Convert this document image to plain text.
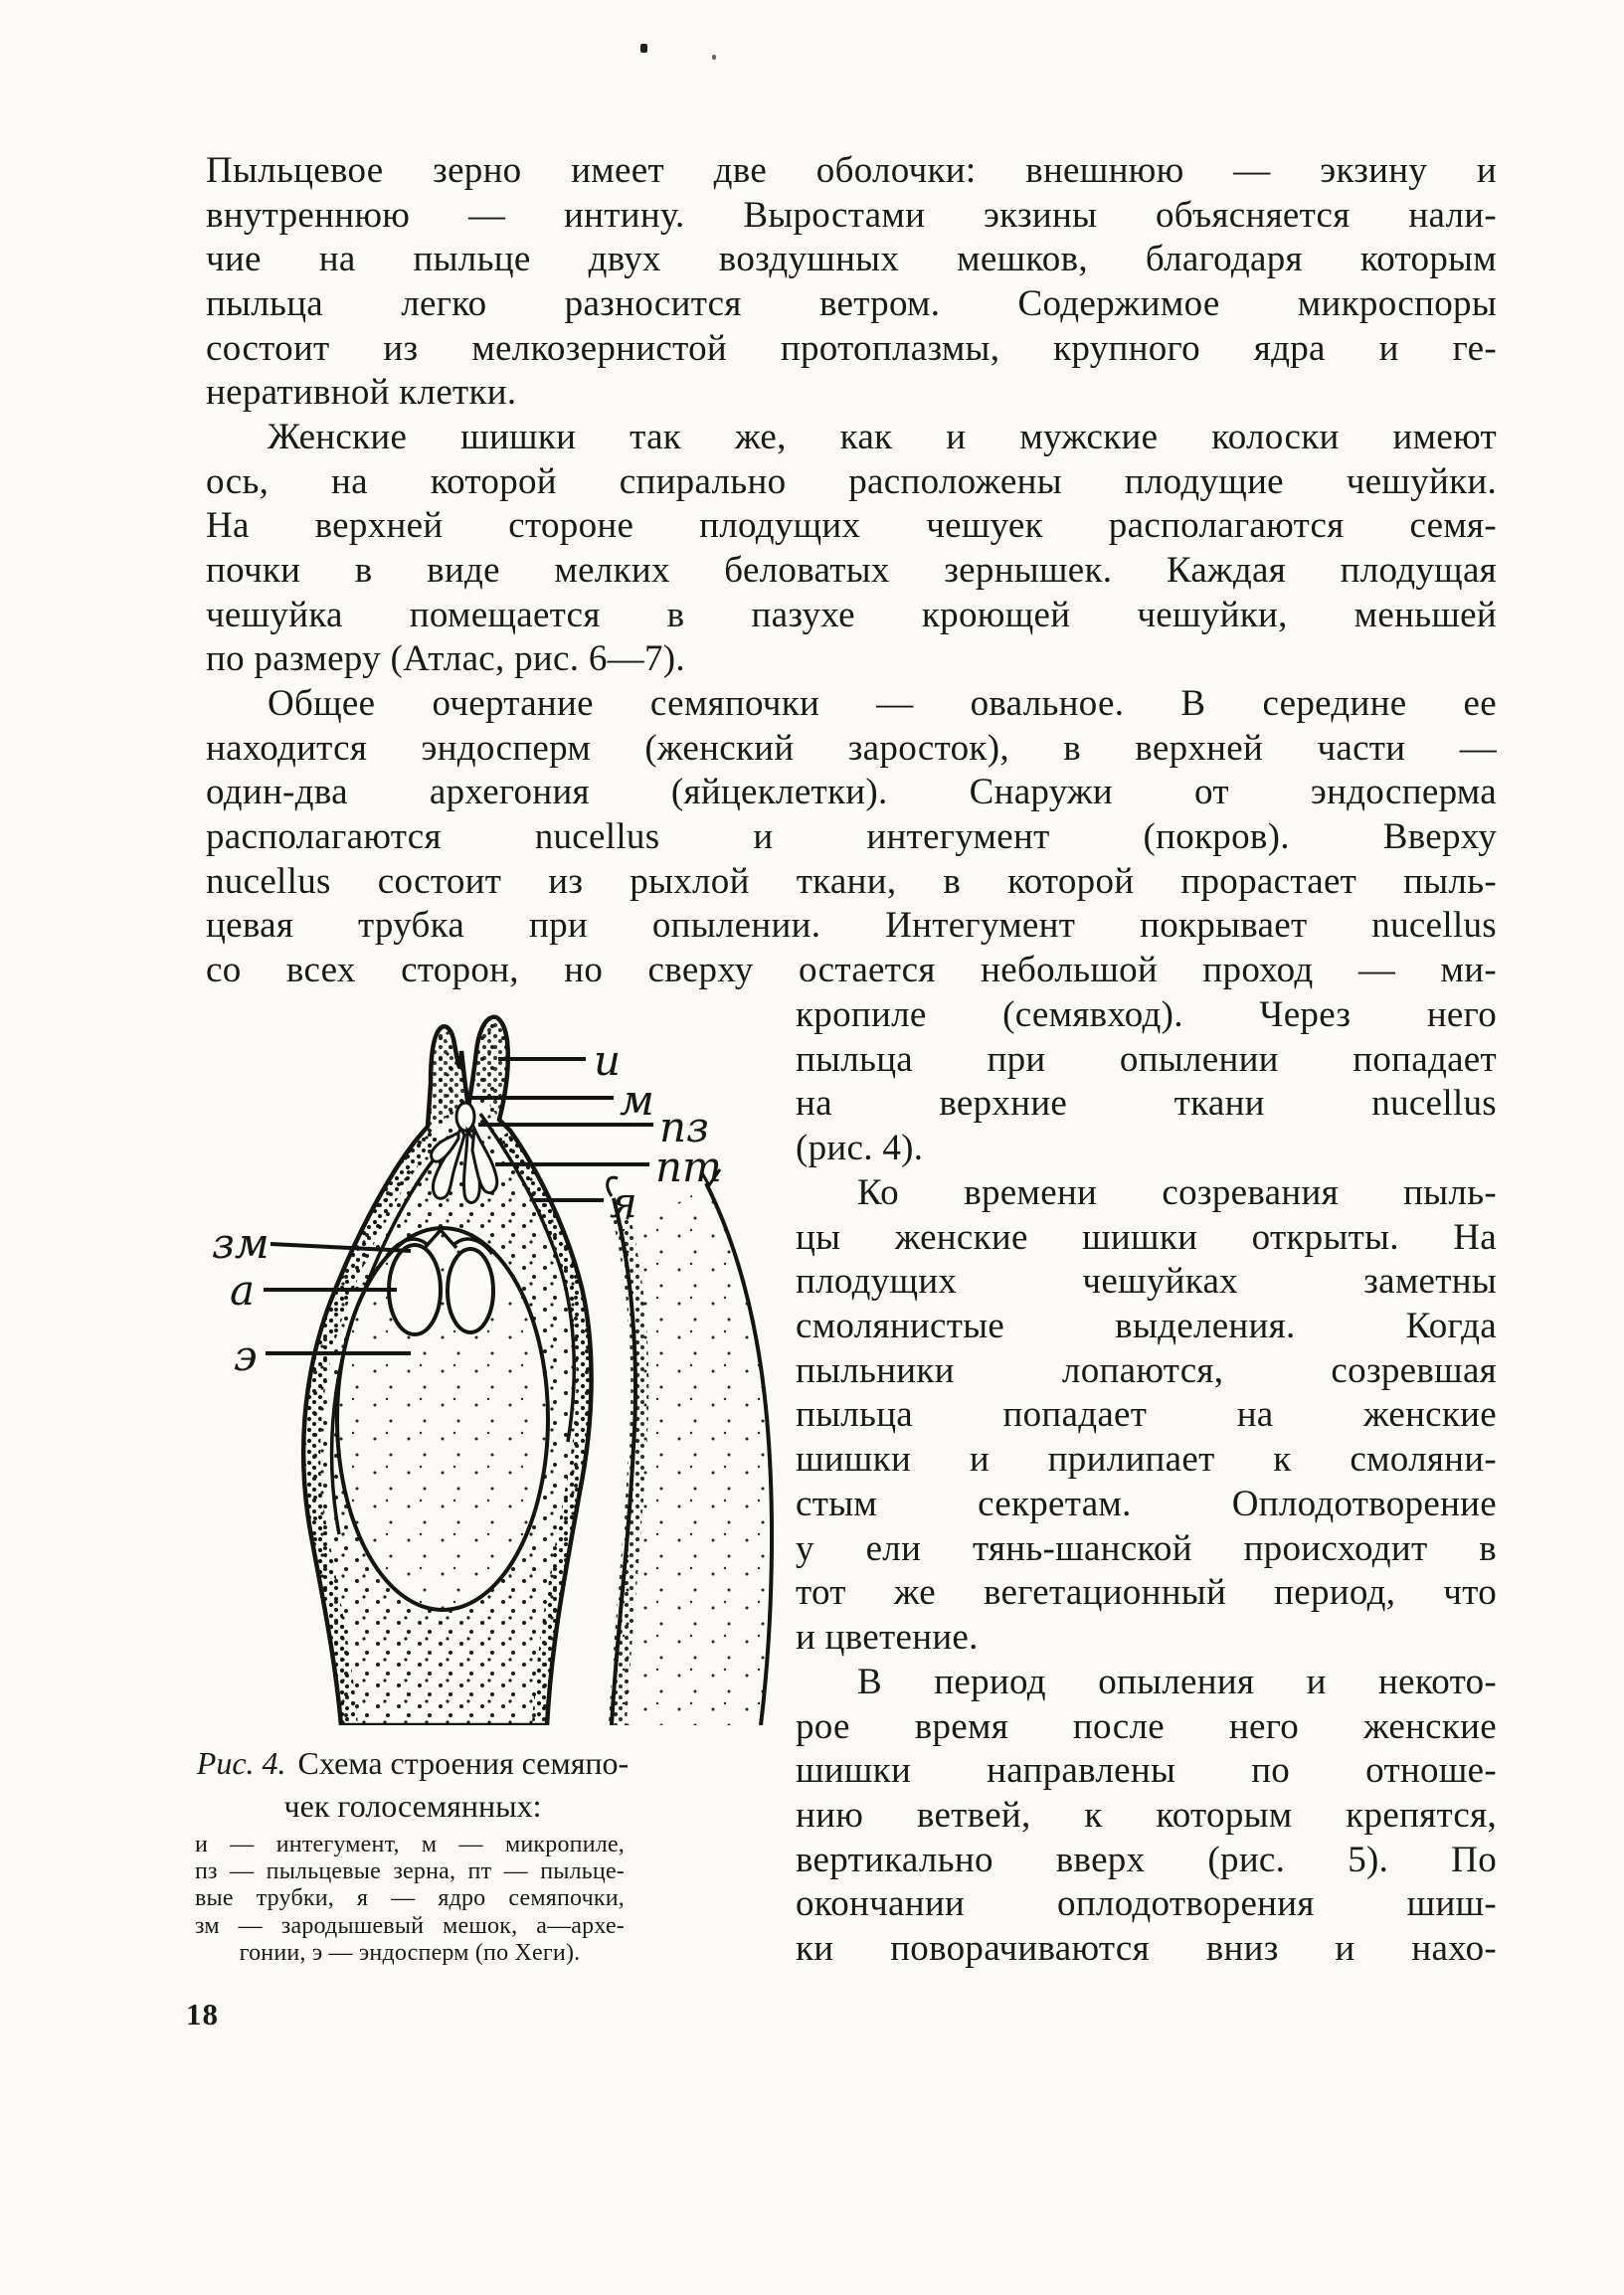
Пыльцевое зерно имеет две оболочки: внешнюю — экзину и
внутреннюю — интину. Выростами экзины объясняется нали-
чие на пыльце двух воздушных мешков, благодаря которым
пыльца легко разносится ветром. Содержимое микроспоры
состоит из мелкозернистой протоплазмы, крупного ядра и ге-
неративной клетки.
Женские шишки так же, как и мужские колоски имеют
ось, на которой спирально расположены плодущие чешуйки.
На верхней стороне плодущих чешуек располагаются семя-
почки в виде мелких беловатых зернышек. Каждая плодущая
чешуйка помещается в пазухе кроющей чешуйки, меньшей
по размеру (Атлас, рис. 6—7).
Общее очертание семяпочки — овальное. В середине ее
находится эндосперм (женский заросток), в верхней части —
один-два архегония (яйцеклетки). Снаружи от эндосперма
располагаются nucellus и интегумент (покров). Вверху
nucellus состоит из рыхлой ткани, в которой прорастает пыль-
цевая трубка при опылении. Интегумент покрывает nucellus
со всех сторон, но сверху остается небольшой проход — ми-
кропиле (семявход). Через него
пыльца при опылении попадает
на верхние ткани nucellus
(рис. 4).
Ко времени созревания пыль-
цы женские шишки открыты. На
плодущих чешуйках заметны
смолянистые выделения. Когда
пыльники лопаются, созревшая
пыльца попадает на женские
шишки и прилипает к смоляни-
стым секретам. Оплодотворение
у ели тянь-шанской происходит в
тот же вегетационный период, что
и цветение.
В период опыления и некото-
рое время после него женские
шишки направлены по отноше-
нию ветвей, к которым крепятся,
вертикально вверх (рис. 5). По
окончании оплодотворения шиш-
ки поворачиваются вниз и нахо-
и
м
пз
пт
я
зм
а
э
Рис. 4. Схема строения семяпо-
чек голосемянных:
и — интегумент, м — микропиле,
пз — пыльцевые зерна, пт — пыльце-
вые трубки, я — ядро семяпочки,
зм — зародышевый мешок, а—архе-
гонии, э — эндосперм (по Хеги).
18
